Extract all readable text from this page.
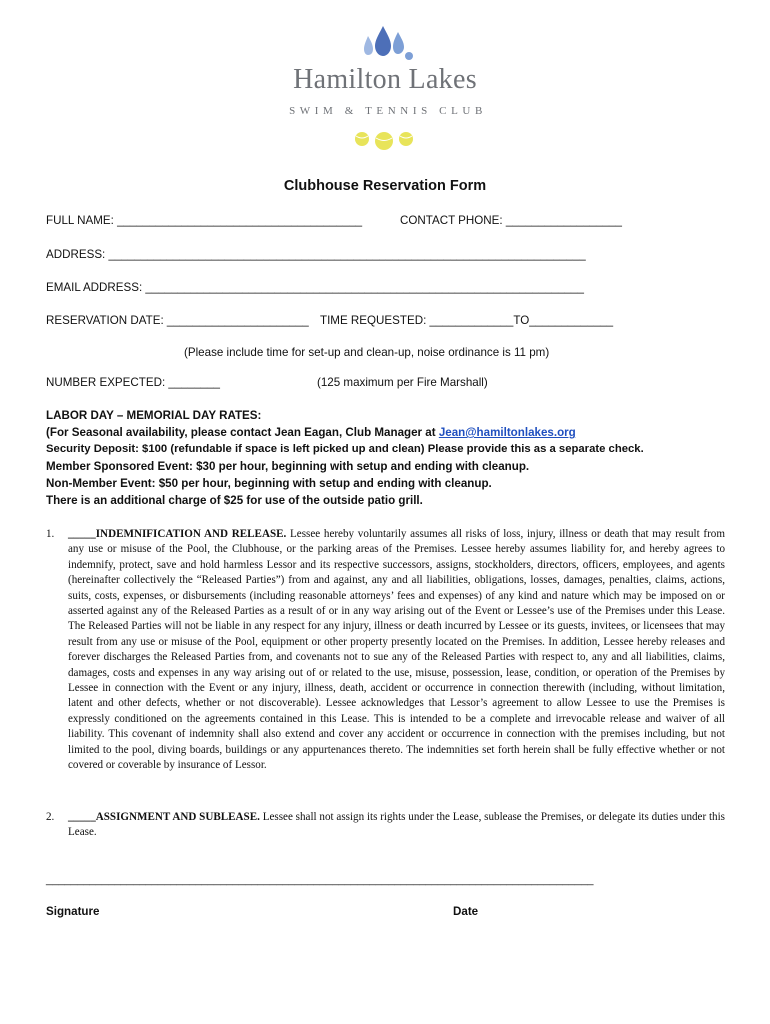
Hamilton Lakes
SWIM & TENNIS CLUB
Clubhouse Reservation Form
FULL NAME: ______________________________________	CONTACT PHONE: __________________
ADDRESS: __________________________________________________________________________
EMAIL ADDRESS: ____________________________________________________________________
RESERVATION DATE: ______________________ TIME REQUESTED: _____________TO_____________
(Please include time for set-up and clean-up, noise ordinance is 11 pm)
NUMBER EXPECTED: ________	(125 maximum per Fire Marshall)
LABOR DAY – MEMORIAL DAY RATES:
(For Seasonal availability, please contact Jean Eagan, Club Manager at Jean@hamiltonlakes.org
Security Deposit: $100 (refundable if space is left picked up and clean) Please provide this as a separate check.
Member Sponsored Event: $30 per hour, beginning with setup and ending with cleanup.
Non-Member Event: $50 per hour, beginning with setup and ending with cleanup.
There is an additional charge of $25 for use of the outside patio grill.
1. _____INDEMNIFICATION AND RELEASE. Lessee hereby voluntarily assumes all risks of loss, injury, illness or death that may result from any use or misuse of the Pool, the Clubhouse, or the parking areas of the Premises. Lessee hereby assumes liability for, and hereby agrees to indemnify, protect, save and hold harmless Lessor and its respective successors, assigns, stockholders, directors, officers, employees, and agents (hereinafter collectively the “Released Parties”) from and against, any and all liabilities, obligations, losses, damages, penalties, claims, actions, suits, costs, expenses, or disbursements (including reasonable attorneys’ fees and expenses) of any kind and nature which may be imposed on or asserted against any of the Released Parties as a result of or in any way arising out of the Event or Lessee’s use of the Premises under this Lease. The Released Parties will not be liable in any respect for any injury, illness or death incurred by Lessee or its guests, invitees, or licensees that may result from any use or misuse of the Pool, equipment or other property presently located on the Premises. In addition, Lessee hereby releases and forever discharges the Released Parties from, and covenants not to sue any of the Released Parties with respect to, any and all liabilities, claims, damages, costs and expenses in any way arising out of or related to the use, misuse, possession, lease, condition, or operation of the Premises by Lessee in connection with the Event or any injury, illness, death, accident or occurrence in connection therewith (including, without limitation, latent and other defects, whether or not discoverable). Lessee acknowledges that Lessor’s agreement to allow Lessee to use the Premises is expressly conditioned on the agreements contained in this Lease. This is intended to be a complete and irrevocable release and waiver of all liability. This covenant of indemnity shall also extend and cover any accident or occurrence in connection with the premises including, but not limited to the pool, diving boards, buildings or any appurtenances thereto. The indemnities set forth herein shall be fully effective whether or not covered or coverable by insurance of Lessor.
2. _____ASSIGNMENT AND SUBLEASE. Lessee shall not assign its rights under the Lease, sublease the Premises, or delegate its duties under this Lease.
________________________________________________________________________________________
Signature	Date
